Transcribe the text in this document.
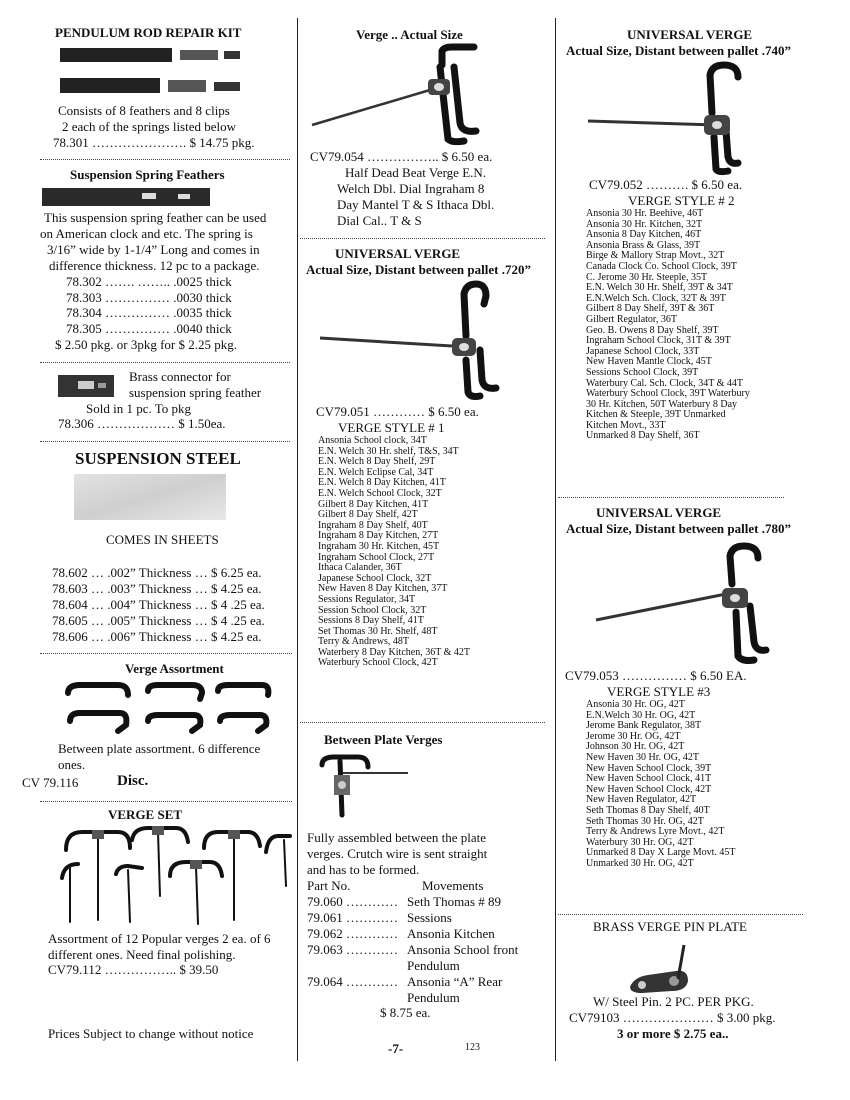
PENDULUM ROD REPAIR KIT
Consists of 8 feathers and 8 clips
2 each of the springs listed below
78.301 …………………. $ 14.75 pkg.
Suspension Spring Feathers
This suspension spring feather can be used
on American clock and etc. The spring is
3/16” wide by 1-1/4” Long and comes in
difference thickness. 12 pc to a package.
78.302 ……. …….. .0025 thick
78.303 …………… .0030 thick
78.304 …………… .0035 thick
78.305 …………… .0040 thick
$ 2.50 pkg. or 3pkg for $ 2.25 pkg.
Brass connector for
suspension spring feather
Sold in 1 pc. To pkg
78.306 ……………… $ 1.50ea.
SUSPENSION STEEL
COMES IN SHEETS
78.602 … .002” Thickness … $ 6.25 ea.
78.603 … .003” Thickness … $ 4.25 ea.
78.604 … .004” Thickness … $ 4 .25 ea.
78.605 … .005” Thickness … $ 4 .25 ea.
78.606 … .006” Thickness … $ 4.25 ea.
Verge Assortment
Between plate assortment. 6 difference
ones.
CV 79.116	Disc.
VERGE SET
Assortment of 12 Popular verges 2 ea. of 6
different ones. Need final polishing.
CV79.112 …………….. $ 39.50
Prices Subject to change without notice
Verge .. Actual Size
CV79.054 …………….. $ 6.50 ea.
Half Dead Beat Verge E.N.
Welch Dbl. Dial Ingraham 8
Day Mantel T & S Ithaca Dbl.
Dial Cal.. T & S
UNIVERSAL VERGE
Actual Size, Distant between pallet .720”
CV79.051 ………… $ 6.50 ea.
VERGE STYLE # 1
Ansonia School clock, 34T
E.N. Welch 30 Hr. shelf, T&S, 34T
E.N. Welch 8 Day Shelf, 29T
E.N. Welch Eclipse Cal, 34T
E.N. Welch 8 Day Kitchen, 41T
E.N. Welch School Clock, 32T
Gilbert 8 Day Kitchen, 41T
Gilbert 8 Day Shelf, 42T
Ingraham 8 Day Shelf, 40T
Ingraham 8 Day Kitchen, 27T
Ingraham 30 Hr. Kitchen, 45T
Ingraham School Clock, 27T
Ithaca Calander, 36T
Japanese School Clock, 32T
New Haven 8 Day Kitchen, 37T
Sessions Regulator, 34T
Session School Clock, 32T
Sessions 8 Day Shelf, 41T
Set Thomas 30 Hr. Shelf, 48T
Terry & Andrews, 48T
Waterbery 8 Day Kitchen, 36T & 42T
Waterbury School Clock, 42T
Between Plate Verges
Fully assembled between the plate
verges. Crutch wire is sent straight
and has to be formed.
Part No.	Movements
79.060 ………… Seth Thomas # 89
79.061 ………… Sessions
79.062 ………… Ansonia Kitchen
79.063 ………… Ansonia School front
Pendulum
79.064 ………… Ansonia “A” Rear
Pendulum
$ 8.75 ea.
-7-	123
UNIVERSAL VERGE
Actual Size, Distant between pallet .740”
CV79.052 ………. $ 6.50 ea.
VERGE STYLE # 2
Ansonia 30 Hr. Beehive, 46T
Ansonia 30 Hr. Kitchen, 32T
Ansonia 8 Day Kitchen, 46T
Ansonia Brass & Glass, 39T
Birge & Mallory Strap Movt., 32T
Canada Clock Co. School Clock, 39T
C. Jerome 30 Hr. Steeple, 35T
E.N. Welch 30 Hr. Shelf, 39T & 34T
E.N.Welch Sch. Clock, 32T & 39T
Gilbert 8 Day Shelf, 39T & 36T
Gilbert Regulator, 36T
Geo. B. Owens 8 Day Shelf, 39T
Ingraham School Clock, 31T & 39T
Japanese School Clock, 33T
New Haven Mantle Clock, 45T
Sessions School Clock, 39T
Waterbury Cal. Sch. Clock, 34T & 44T
Waterbury School Clock, 39T Waterbury
30 Hr. Kitchen, 50T Waterbury 8 Day
Kitchen & Steeple, 39T Unmarked
Kitchen Movt., 33T
Unmarked 8 Day Shelf, 36T
UNIVERSAL VERGE
Actual Size, Distant between pallet .780”
CV79.053 …………… $ 6.50 EA.
VERGE STYLE #3
Ansonia 30 Hr. OG, 42T
E.N.Welch 30 Hr. OG, 42T
Jerome Bank Regulator, 38T
Jerome 30 Hr. OG, 42T
Johnson 30 Hr. OG, 42T
New Haven 30 Hr. OG, 42T
New Haven School Clock, 39T
New Haven School Clock, 41T
New Haven School Clock, 42T
New Haven Regulator, 42T
Seth Thomas 8 Day Shelf, 40T
Seth Thomas 30 Hr. OG, 42T
Terry & Andrews Lyre Movt., 42T
Waterbury 30 Hr. OG, 42T
Unmarked 8 Day X Large Movt. 45T
Unmarked 30 Hr. OG, 42T
BRASS VERGE PIN PLATE
W/ Steel Pin. 2 PC. PER PKG.
CV79103 ………………… $ 3.00 pkg.
3 or more $ 2.75 ea..
